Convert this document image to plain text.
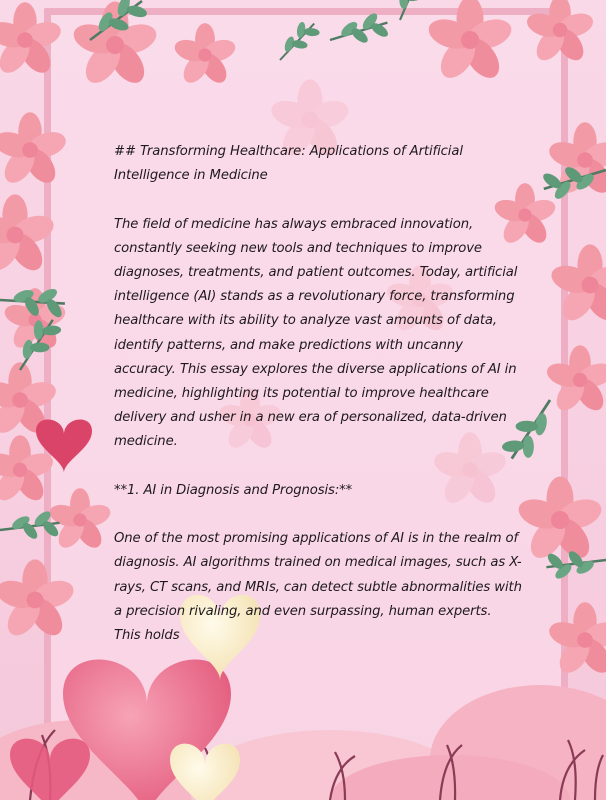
## Transforming Healthcare: Applications of Artificial Intelligence in Medicine

The field of medicine has always embraced innovation, constantly seeking new tools and techniques to improve diagnoses, treatments, and patient outcomes. Today, artificial intelligence (AI) stands as a revolutionary force, transforming healthcare with its ability to analyze vast amounts of data, identify patterns, and make predictions with uncanny accuracy. This essay explores the diverse applications of AI in medicine, highlighting its potential to improve healthcare delivery and usher in a new era of personalized, data-driven medicine.

**1. AI in Diagnosis and Prognosis:**

One of the most promising applications of AI is in the realm of diagnosis. AI algorithms trained on medical images, such as X-rays, CT scans, and MRIs, can detect subtle abnormalities with a precision rivaling, and even surpassing, human experts. This holds
